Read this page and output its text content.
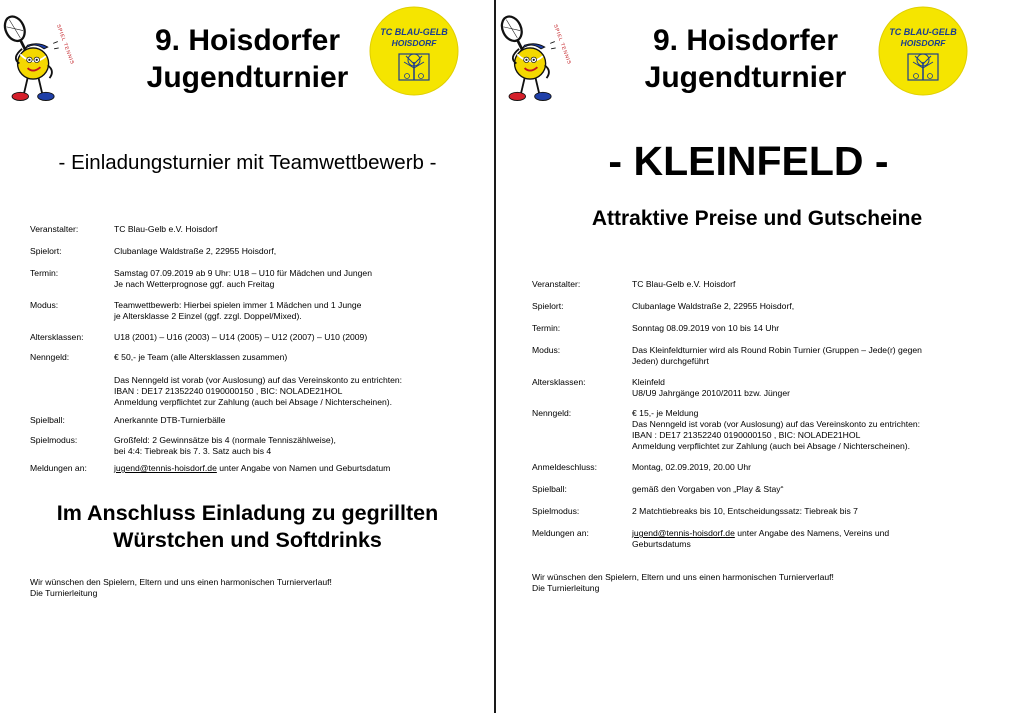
SPIEL TENNIS	TC BLAU-GELB
HOISDORF
9. Hoisdorfer
Jugendturnier
- Einladungsturnier mit Teamwettbewerb -
Veranstalter:	TC Blau-Gelb e.V. Hoisdorf
Spielort:	Clubanlage Waldstraße 2, 22955 Hoisdorf,
Termin:	Samstag 07.09.2019 ab 9 Uhr: U18 – U10 für Mädchen und Jungen
Je nach Wetterprognose ggf. auch Freitag
Modus:	Teamwettbewerb: Hierbei spielen immer 1 Mädchen und 1 Junge
je Altersklasse 2 Einzel (ggf. zzgl. Doppel/Mixed).
Altersklassen:	U18 (2001) – U16 (2003) – U14 (2005) – U12 (2007) – U10 (2009)
Nenngeld:	€ 50,- je Team (alle Altersklassen zusammen)
Das Nenngeld ist vorab (vor Auslosung) auf das Vereinskonto zu entrichten:
IBAN : DE17 21352240 0190000150 , BIC: NOLADE21HOL
Anmeldung verpflichtet zur Zahlung (auch bei Absage / Nichterscheinen).
Spielball:	Anerkannte DTB-Turnierbälle
Spielmodus:	Großfeld: 2 Gewinnsätze bis 4 (normale Tenniszählweise),
bei 4:4: Tiebreak bis 7. 3. Satz auch bis 4
Meldungen an:	jugend@tennis-hoisdorf.de unter Angabe von Namen und Geburtsdatum
Im Anschluss Einladung zu gegrillten
Würstchen und Softdrinks
Wir wünschen den Spielern, Eltern und uns einen harmonischen Turnierverlauf!
Die Turnierleitung
SPIEL TENNIS	TC BLAU-GELB
HOISDORF
9. Hoisdorfer
Jugendturnier
- KLEINFELD -
Attraktive Preise und Gutscheine
Veranstalter:	TC Blau-Gelb e.V. Hoisdorf
Spielort:	Clubanlage Waldstraße 2, 22955 Hoisdorf,
Termin:	Sonntag 08.09.2019 von 10 bis 14 Uhr
Modus:	Das Kleinfeldturnier wird als Round Robin Turnier (Gruppen – Jede(r) gegen
Jeden) durchgeführt
Altersklassen:	Kleinfeld
U8/U9 Jahrgänge 2010/2011 bzw. Jünger
Nenngeld:	€ 15,- je Meldung
Das Nenngeld ist vorab (vor Auslosung) auf das Vereinskonto zu entrichten:
IBAN : DE17 21352240 0190000150 , BIC: NOLADE21HOL
Anmeldung verpflichtet zur Zahlung (auch bei Absage / Nichterscheinen).
Anmeldeschluss:	Montag, 02.09.2019, 20.00 Uhr
Spielball:	gemäß den Vorgaben von „Play & Stay“
Spielmodus:	2 Matchtiebreaks bis 10, Entscheidungssatz: Tiebreak bis 7
Meldungen an:	jugend@tennis-hoisdorf.de unter Angabe des Namens, Vereins und
Geburtsdatums
Wir wünschen den Spielern, Eltern und uns einen harmonischen Turnierverlauf!
Die Turnierleitung
